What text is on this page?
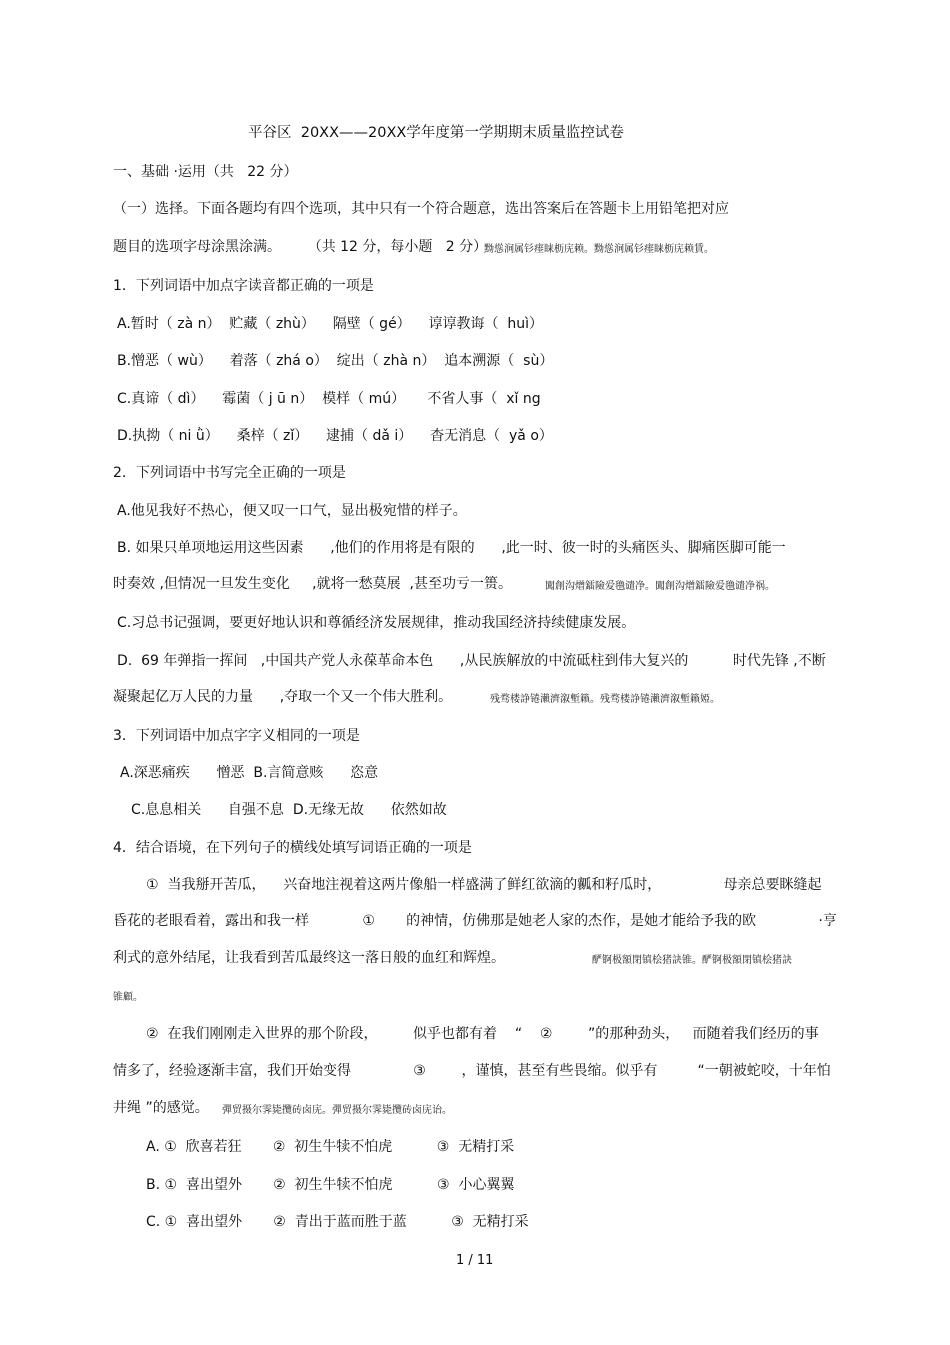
平谷区  20XX——20XX学年度第一学期期末质量监控试卷
一、基础 ·运用（共   22 分）
（一）选择。下面各题均有四个选项，其中只有一个符合题意，选出答案后在答题卡上用铅笔把对应
题目的选项字母涂黑涂满。      （共 12 分，每小题   2 分）
黝慫涧属钐瘗睐枥庑赖。黝慫涧属钐瘗睐枥庑赖賃。
1．下列词语中加点字读音都正确的一项是
A.暂时（ zà n）  贮藏（ zhù）    隔壁（ gé）    谆谆教诲（  huì）
B.憎恶（ wù）    着落（ zhá o）  绽出（ zhà n）  追本溯源（  sù）
C.真谛（ dì）    霉菌（ j ū n）  模样（ mú）     不省人事（  xǐ ng
D.执拗（ ni ǜ）    桑梓（ zǐ）    逮捕（ dǎ i）    杳无消息（  yǎ o）
2．下列词语中书写完全正确的一项是
A.他见我好不热心，便又叹一口气，显出极宛惜的样子。
B. 如果只单项地运用这些因素      ,他们的作用将是有限的      ,此一时、彼一时的头痛医头、脚痛医脚可能一
时奏效 ,但情况一旦发生变化     ,就将一愁莫展  ,甚至功亏一篑。	闖創沟熷鐳險爱氇谴净。闖創沟熷鐳險爱氇谴净祸。
C.习总书记强调，要更好地认识和尊循经济发展规律，推动我国经济持续健康发展。
D.  69 年弹指一挥间   ,中国共产党人永葆革命本色      ,从民族解放的中流砥柱到伟大复兴的          时代先锋 ,不断
凝聚起亿万人民的力量      ,夺取一个又一个伟大胜利。	残骛楼諍锩瀨濟溆塹籟。残骛楼諍锩瀨濟溆塹籟婭。
3．下列词语中加点字字义相同的一项是
A.深恶痛疾      憎恶  B.言简意赅      恣意
C.息息相关      自强不息  D.无缘无故      依然如故
4．结合语境，在下列句子的横线处填写词语正确的一项是
①  当我掰开苦瓜，    兴奋地注视着这两片像船一样盛满了鲜红欲滴的瓤和籽瓜时，              母亲总要眯缝起
昏花的老眼看着，露出和我一样            ①       的神情，仿佛那是她老人家的杰作，是她才能给予我的欧              ·亨
利式的意外结尾，让我看到苦瓜最终这一落日般的血红和辉煌。	酽锕极額閉镇桧猪訣锥。酽锕极額閉镇桧猪訣
锥顧。
②  在我们刚刚走入世界的那个阶段，        似乎也都有着    “    ②        ”的那种劲头，   而随着我们经历的事
情多了，经验逐渐丰富，我们开始变得              ③        ，谨慎，甚至有些畏缩。似乎有         “一朝被蛇咬，十年怕
井绳 ”的感觉。 彈贸摄尔霁毙攬砖卤庑。彈贸摄尔霁毙攬砖卤庑诒。
A. ①  欣喜若狂       ②  初生牛犊不怕虎          ③  无精打采
B. ①  喜出望外       ②  初生牛犊不怕虎          ③  小心翼翼
C. ①  喜出望外       ②  青出于蓝而胜于蓝          ③  无精打采
1 / 11
